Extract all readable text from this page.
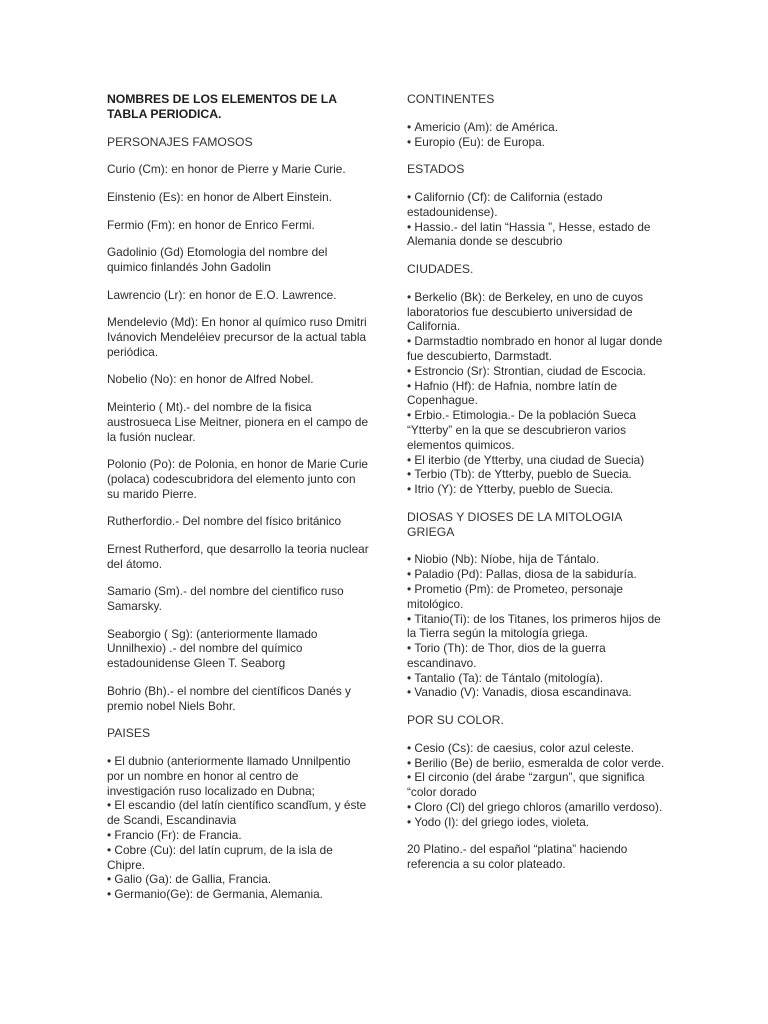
NOMBRES DE LOS ELEMENTOS DE LA TABLA PERIODICA.

PERSONAJES FAMOSOS

Curio (Cm): en honor de Pierre y Marie Curie.

Einstenio (Es): en honor de Albert Einstein.

Fermio (Fm): en honor de Enrico Fermi.

Gadolinio (Gd) Etomologia del nombre del quimico finlandés John Gadolin

Lawrencio (Lr): en honor de E.O. Lawrence.

Mendelevio (Md): En honor al químico ruso Dmitri Ivánovich Mendeléiev precursor de la actual tabla periódica.

Nobelio (No): en honor de Alfred Nobel.

Meinterio ( Mt).- del nombre de la fisica austrosueca Lise Meitner, pionera en el campo de la fusión nuclear.

Polonio (Po): de Polonia, en honor de Marie Curie (polaca) codescubridora del elemento junto con su marido Pierre.

Rutherfordio.- Del nombre del físico británico

Ernest Rutherford, que desarrollo la teoria nuclear del átomo.

Samario (Sm).- del nombre del cientifico ruso Samarsky.

Seaborgio ( Sg): (anteriormente llamado Unnilhexio) .- del nombre del químico estadounidense Gleen T. Seaborg

Bohrio (Bh).- el nombre del científicos Danés y premio nobel Niels Bohr.

PAISES

• El dubnio (anteriormente llamado Unnilpentio por un nombre en honor al centro de investigación ruso localizado en Dubna;
• El escandio (del latín científico scandĭum, y éste de Scandi, Escandinavia
• Francio (Fr): de Francia.
• Cobre (Cu): del latín cuprum, de la isla de Chipre.
• Galio (Ga): de Gallia, Francia.
• Germanio(Ge): de Germania, Alemania.

CONTINENTES

• Americio (Am): de América.
• Europio (Eu): de Europa.

ESTADOS

• Californio (Cf): de California (estado estadounidense).
• Hassio.- del latin “Hassia ”, Hesse, estado de Alemania donde se descubrio

CIUDADES.

• Berkelio (Bk): de Berkeley, en uno de cuyos laboratorios fue descubierto universidad de California.
• Darmstadtio nombrado en honor al lugar donde fue descubierto, Darmstadt.
• Estroncio (Sr): Strontian, ciudad de Escocia.
• Hafnio (Hf): de Hafnia, nombre latín de Copenhague.
• Erbio.- Etimologia.- De la población Sueca “Ytterby” en la que se descubrieron varios elementos quimicos.
• El iterbio (de Ytterby, una ciudad de Suecia)
• Terbio (Tb): de Ytterby, pueblo de Suecia.
• Itrio (Y): de Ytterby, pueblo de Suecia.

DIOSAS Y DIOSES DE LA MITOLOGIA GRIEGA

• Niobio (Nb): Níobe, hija de Tántalo.
• Paladio (Pd): Pallas, diosa de la sabiduría.
• Prometio (Pm): de Prometeo, personaje mitológico.
• Titanio(Ti): de los Titanes, los primeros hijos de la Tierra según la mitología griega.
• Torio (Th): de Thor, dios de la guerra escandinavo.
• Tantalio (Ta): de Tántalo (mitología).
• Vanadio (V): Vanadis, diosa escandinava.

POR SU COLOR.

• Cesio (Cs): de caesius, color azul celeste.
• Berilio (Be) de beriio, esmeralda de color verde.
• El circonio (del árabe “zargun”, que significa “color dorado
• Cloro (Cl) del griego chloros (amarillo verdoso).
• Yodo (I): del griego iodes, violeta.

20 Platino.- del español “platina” haciendo referencia a su color plateado.
